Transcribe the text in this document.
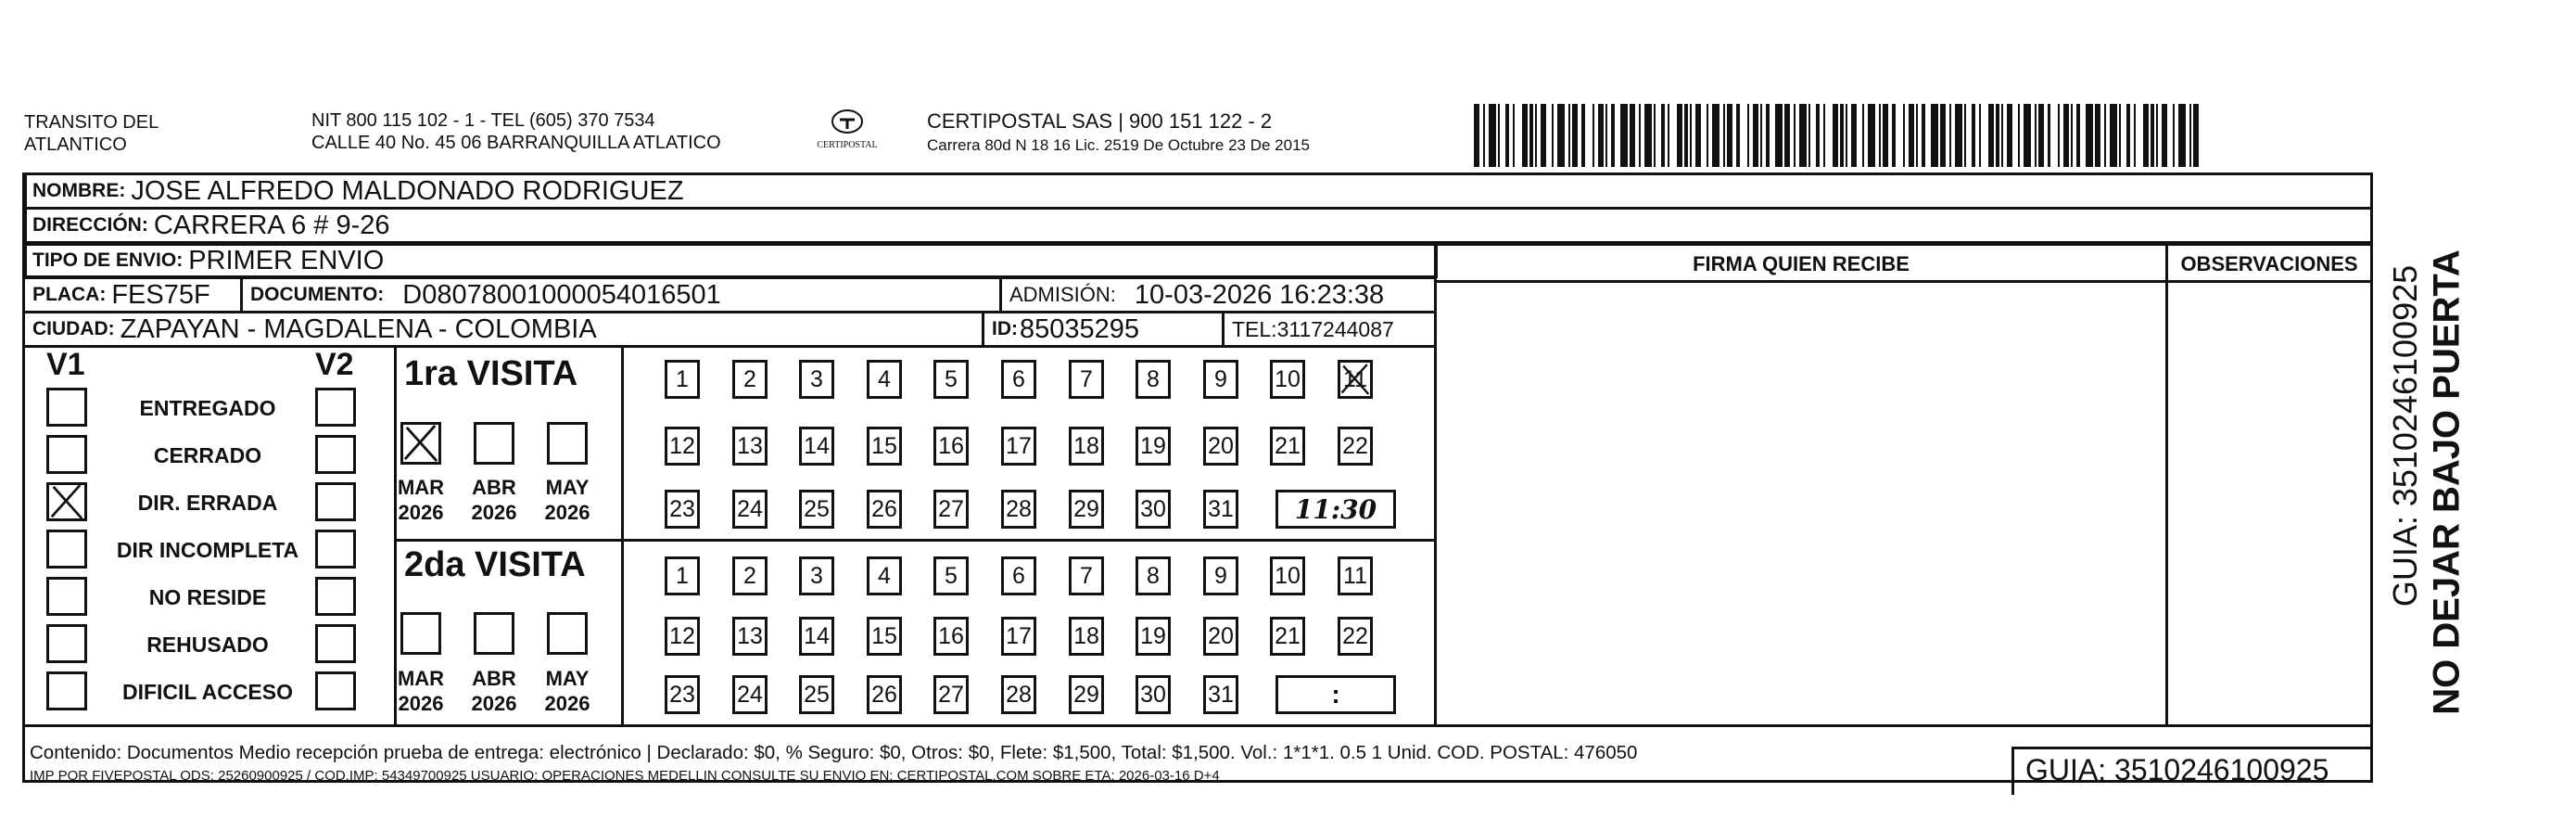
TRANSITO DEL
ATLANTICO
NIT 800 115 102 - 1 - TEL (605) 370 7534
CALLE 40 No. 45 06 BARRANQUILLA ATLATICO	CERTIPOSTAL
CERTIPOSTAL SAS | 900 151 122 - 2
Carrera 80d N 18 16 Lic. 2519 De Octubre 23 De 2015
NOMBRE: JOSE ALFREDO MALDONADO RODRIGUEZ
DIRECCIÓN: CARRERA 6 # 9-26
TIPO DE ENVIO: PRIMER ENVIO	FIRMA QUIEN RECIBE	OBSERVACIONES
PLACA: FES75F DOCUMENTO: D08078001000054016501	ADMISIÓN: 10-03-2026 16:23:38
CIUDAD: ZAPAYAN - MAGDALENA - COLOMBIA	ID: 85035295	TEL: 3117244087
V1	V2
ENTREGADO
CERRADO
DIR. ERRADA
DIR INCOMPLETA
NO RESIDE
REHUSADO
DIFICIL ACCESO
1ra VISITA
2da VISITA
MAR
2026
ABR
2026
MAY
2026
MAR
2026
ABR
2026
MAY
2026
1 2 3 4 5 6 7 8 9 10 11
12 13 14 15 16 17 18 19 20 21 22
23 24 25 26 27 28 29 30 31	11:30
1 2 3 4 5 6 7 8 9 10 11
12 13 14 15 16 17 18 19 20 21 22
23 24 25 26 27 28 29 30 31	:
Contenido: Documentos Medio recepción prueba de entrega: electrónico | Declarado: $0, % Seguro: $0, Otros: $0, Flete: $1,500, Total: $1,500. Vol.: 1*1*1. 0.5 1 Unid. COD. POSTAL: 476050
IMP POR FIVEPOSTAL ODS: 25260900925 / COD.IMP: 54349700925 USUARIO: OPERACIONES MEDELLIN CONSULTE SU ENVIO EN: CERTIPOSTAL.COM SOBRE ETA: 2026-03-16 D+4	GUIA: 3510246100925
NO DEJAR BAJO PUERTA
GUIA: 3510246100925
